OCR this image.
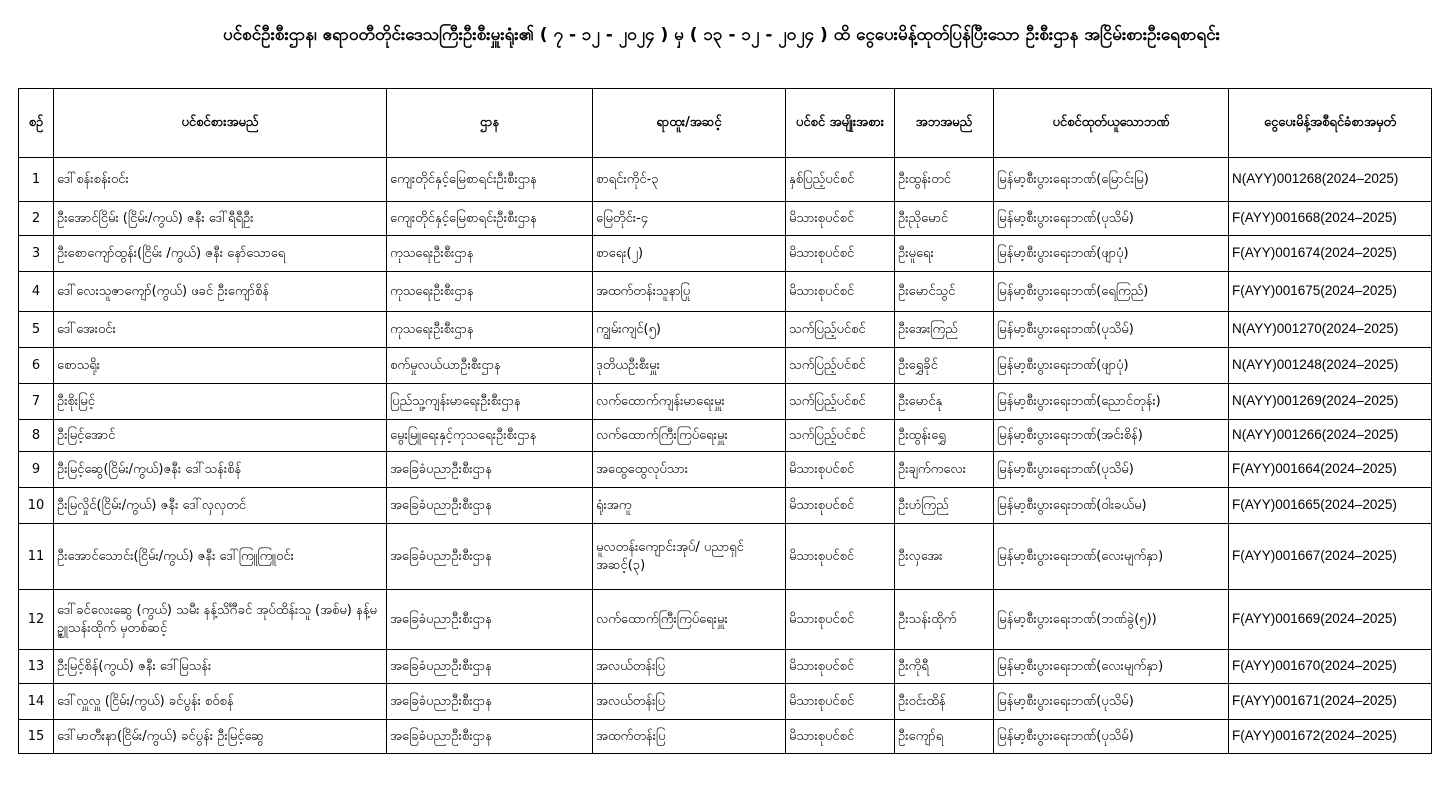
ပင်စင်ဦးစီးဌာန၊ ဧရာဝတီတိုင်းဒေသကြီးဦးစီးမှူးရုံး၏ ( ၇ - ၁၂ - ၂၀၂၄ ) မှ ( ၁၃ - ၁၂ - ၂၀၂၄ ) ထိ ငွေပေးမိန့်ထုတ်ပြန်ပြီးသော ဦးစီးဌာန အငြိမ်းစားဦးရေစာရင်း
စဉ်	ပင်စင်စားအမည်	ဌာန	ရာထူး/အဆင့်	ပင်စင် အမျိုးအစား	အဘအမည်	ပင်စင်ထုတ်ယူသောဘဏ်	ငွေပေးမိန့်အစီရင်ခံစာအမှတ်
1	ဒေါ်စန်းစန်းဝင်း	ကျေးတိုင်နှင့်မြေစာရင်းဦးစီးဌာန	စာရင်းကိုင်-၃	နှစ်ပြည့်ပင်စင်	ဦးထွန်းတင်	မြန်မာ့စီးပွားရေးဘဏ်(မြောင်းမြ)	N(AYY)001268(2024–2025)
2	ဦးအောင်ငြိမ်း (ငြိမ်း/ကွယ်) ဇနီး ဒေါ်ရီရီဦး	ကျေးတိုင်နှင့်မြေစာရင်းဦးစီးဌာန	မြေတိုင်း-၄	မိသားစုပင်စင်	ဦးညိုမောင်	မြန်မာ့စီးပွားရေးဘဏ်(ပုသိမ်)	F(AYY)001668(2024–2025)
3	ဦးစောကျော်ထွန်း(ငြိမ်း /ကွယ်) ဇနီး နော်သောရေ	ကုသရေးဦးစီးဌာန	စာရေး(၂)	မိသားစုပင်စင်	ဦးမူရေး	မြန်မာ့စီးပွားရေးဘဏ်(ဖျာပုံ)	F(AYY)001674(2024–2025)
4	ဒေါ်လေးသူဇာကျော်(ကွယ်) ဖခင် ဦးကျော်စိန်	ကုသရေးဦးစီးဌာန	အထက်တန်းသူနာပြု	မိသားစုပင်စင်	ဦးမောင်သွင်	မြန်မာ့စီးပွားရေးဘဏ်(ရေကြည်)	F(AYY)001675(2024–2025)
5	ဒေါ်အေးဝင်း	ကုသရေးဦးစီးဌာန	ကျွမ်းကျင်(၅)	သက်ပြည့်ပင်စင်	ဦးအေးကြည်	မြန်မာ့စီးပွားရေးဘဏ်(ပုသိမ်)	N(AYY)001270(2024–2025)
6	စောသရိုး	စက်မှုလယ်ယာဦးစီးဌာန	ဒုတိယဦးစီးမှူး	သက်ပြည့်ပင်စင်	ဦးရွှေခိုင်	မြန်မာ့စီးပွားရေးဘဏ်(ဖျာပုံ)	N(AYY)001248(2024–2025)
7	ဦးစိုးမြင့်	ပြည်သူ့ကျန်းမာရေးဦးစီးဌာန	လက်ထောက်ကျန်းမာရေးမှူး	သက်ပြည့်ပင်စင်	ဦးမောင်နု	မြန်မာ့စီးပွားရေးဘဏ်(ညောင်တုန်း)	N(AYY)001269(2024–2025)
8	ဦးမြင့်အောင်	မွေးမြူရေးနှင့်ကုသရေးဦးစီးဌာန	လက်ထောက်ကြီးကြပ်ရေးမှူး	သက်ပြည့်ပင်စင်	ဦးထွန်းရွှေ	မြန်မာ့စီးပွားရေးဘဏ်(အင်းစိန်)	N(AYY)001266(2024–2025)
9	ဦးမြင့်ဆွေ(ငြိမ်း/ကွယ်)ဇနီး ဒေါ်သန်းစိန်	အခြေခံပညာဦးစီးဌာန	အထွေထွေလုပ်သား	မိသားစုပင်စင်	ဦးချက်ကလေး	မြန်မာ့စီးပွားရေးဘဏ်(ပုသိမ်)	F(AYY)001664(2024–2025)
10	ဦးမြလှိုင်(ငြိမ်း/ကွယ်) ဇနီး ဒေါ်လှလှတင်	အခြေခံပညာဦးစီးဌာန	ရုံးအကူ	မိသားစုပင်စင်	ဦးဟံကြည်	မြန်မာ့စီးပွားရေးဘဏ်(ဝါးခယ်မ)	F(AYY)001665(2024–2025)
11	ဦးအောင်သောင်း(ငြိမ်း/ကွယ်) ဇနီး ဒေါ်ကြူကြူဝင်း	အခြေခံပညာဦးစီးဌာန	မူလတန်းကျောင်းအုပ်/ ပညာရှင်အဆင့်(၃)	မိသားစုပင်စင်	ဦးလှအေး	မြန်မာ့စီးပွားရေးဘဏ်(လေးမျက်နှာ)	F(AYY)001667(2024–2025)
12	ဒေါ်ခင်လေးဆွေ (ကွယ်) သမီး နန့်သိင်္ဂီခင် အုပ်ထိန်းသူ (အစ်မ) နန့်မဥ္ဇူသန်းထိုက် မှတစ်ဆင့်	အခြေခံပညာဦးစီးဌာန	လက်ထောက်ကြီးကြပ်ရေးမှူး	မိသားစုပင်စင်	ဦးသန်းထိုက်	မြန်မာ့စီးပွားရေးဘဏ်(ဘဏ်ခွဲ(၅))	F(AYY)001669(2024–2025)
13	ဦးမြင့်စိန်(ကွယ်) ဇနီး ဒေါ်မြသန်း	အခြေခံပညာဦးစီးဌာန	အလယ်တန်းပြ	မိသားစုပင်စင်	ဦးကိုရီ	မြန်မာ့စီးပွားရေးဘဏ်(လေးမျက်နှာ)	F(AYY)001670(2024–2025)
14	ဒေါ်လှူလှူ (ငြိမ်း/ကွယ်) ခင်ပွန်း စဝ်စန်	အခြေခံပညာဦးစီးဌာန	အလယ်တန်းပြ	မိသားစုပင်စင်	ဦးဝင်းထိန်	မြန်မာ့စီးပွားရေးဘဏ်(ပုသိမ်)	F(AYY)001671(2024–2025)
15	ဒေါ်မာတီးနာ(ငြိမ်း/ကွယ်) ခင်ပွန်း ဦးမြင့်ဆွေ	အခြေခံပညာဦးစီးဌာန	အထက်တန်းပြ	မိသားစုပင်စင်	ဦးကျော်ရ	မြန်မာ့စီးပွားရေးဘဏ်(ပုသိမ်)	F(AYY)001672(2024–2025)
